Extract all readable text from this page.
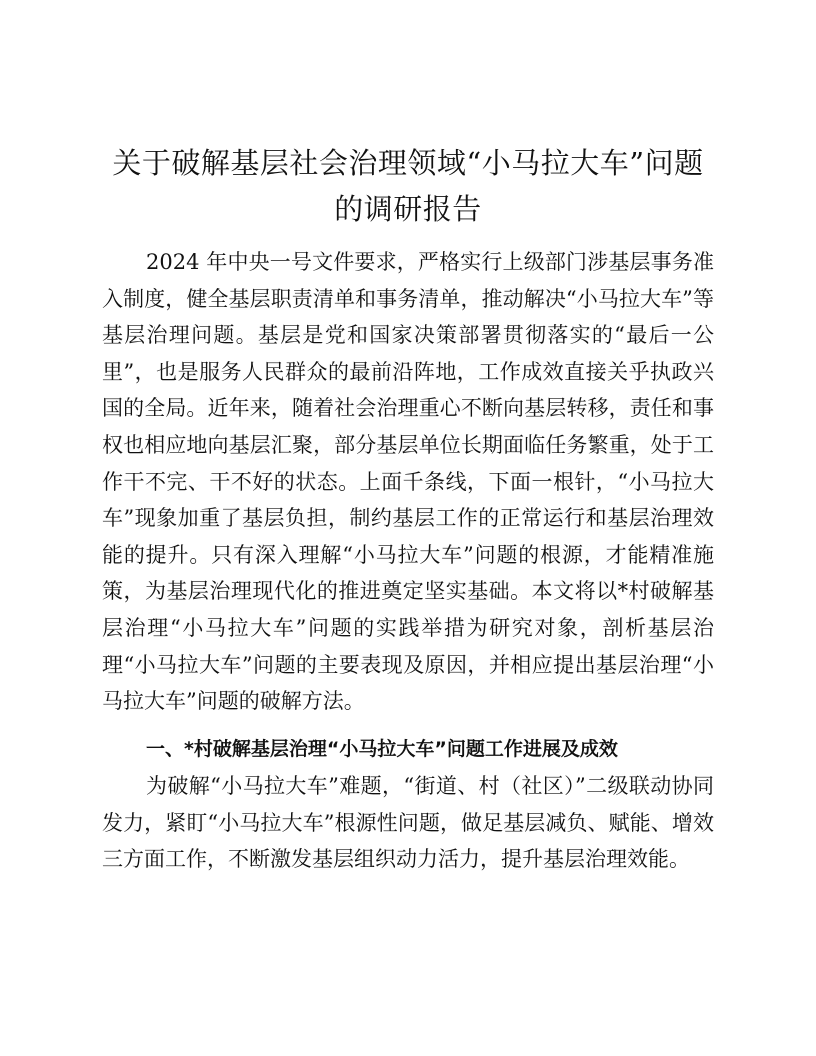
关于破解基层社会治理领域“小马拉大车”问题的调研报告

2024 年中央一号文件要求，严格实行上级部门涉基层事务准入制度，健全基层职责清单和事务清单，推动解决“小马拉大车”等基层治理问题。基层是党和国家决策部署贯彻落实的“最后一公里”，也是服务人民群众的最前沿阵地，工作成效直接关乎执政兴国的全局。近年来，随着社会治理重心不断向基层转移，责任和事权也相应地向基层汇聚，部分基层单位长期面临任务繁重，处于工作干不完、干不好的状态。上面千条线，下面一根针，“小马拉大车”现象加重了基层负担，制约基层工作的正常运行和基层治理效能的提升。只有深入理解“小马拉大车”问题的根源，才能精准施策，为基层治理现代化的推进奠定坚实基础。本文将以*村破解基层治理“小马拉大车”问题的实践举措为研究对象，剖析基层治理“小马拉大车”问题的主要表现及原因，并相应提出基层治理“小马拉大车”问题的破解方法。

一、*村破解基层治理“小马拉大车”问题工作进展及成效

为破解“小马拉大车”难题，“街道、村（社区）”二级联动协同发力，紧盯“小马拉大车”根源性问题，做足基层减负、赋能、增效三方面工作，不断激发基层组织动力活力，提升基层治理效能。
